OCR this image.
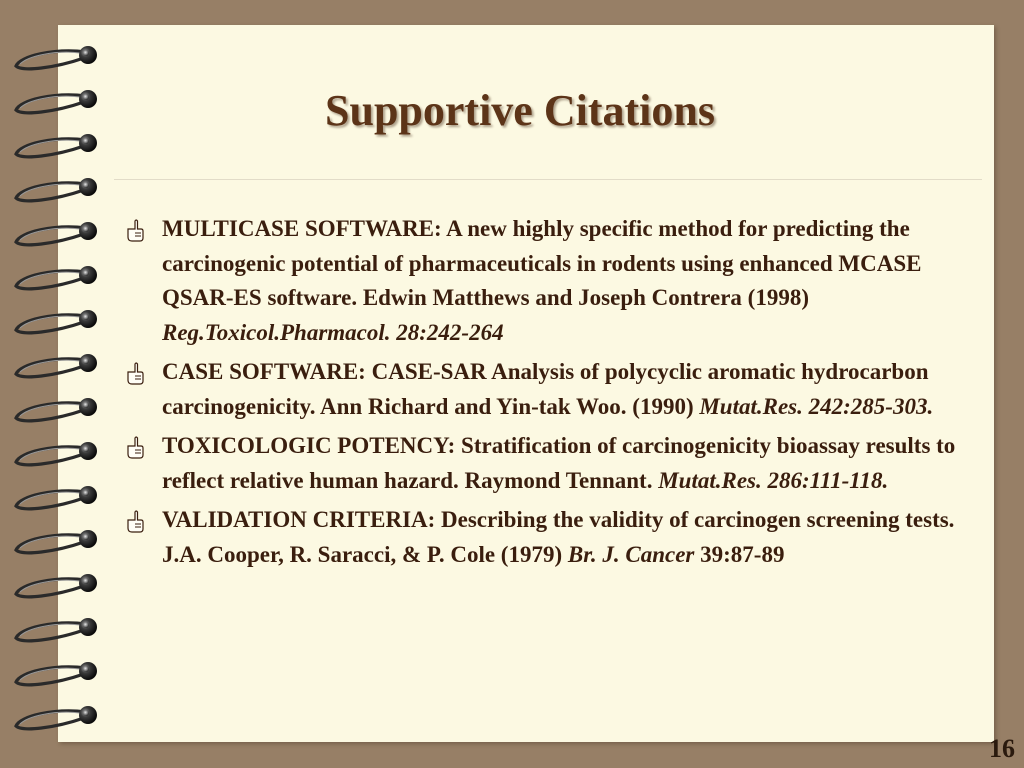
Supportive Citations
MULTICASE SOFTWARE: A new highly specific method for predicting the carcinogenic potential of pharmaceuticals in rodents using enhanced MCASE QSAR-ES software. Edwin Matthews and Joseph Contrera (1998) Reg.Toxicol.Pharmacol. 28:242-264
CASE SOFTWARE: CASE-SAR Analysis of polycyclic aromatic hydrocarbon carcinogenicity. Ann Richard and Yin-tak Woo. (1990) Mutat.Res. 242:285-303.
TOXICOLOGIC POTENCY: Stratification of carcinogenicity bioassay results to reflect relative human hazard. Raymond Tennant. Mutat.Res. 286:111-118.
VALIDATION CRITERIA: Describing the validity of carcinogen screening tests. J.A. Cooper, R. Saracci, & P. Cole (1979) Br. J. Cancer 39:87-89
16
